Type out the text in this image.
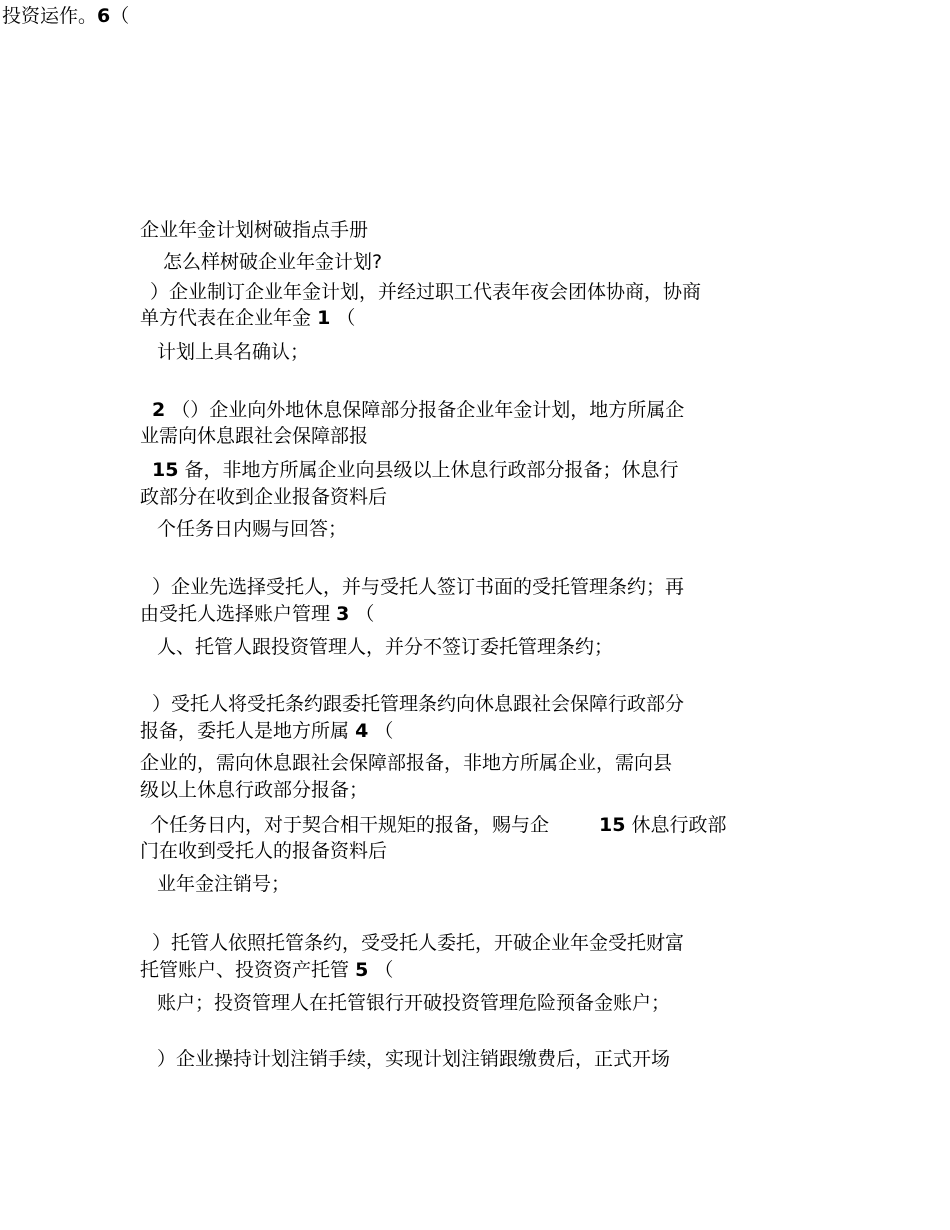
投资运作。6（
企业年金计划树破指点手册
怎么样树破企业年金计划?
）企业制订企业年金计划，并经过职工代表年夜会团体协商，协商
单方代表在企业年金 1 （
计划上具名确认；
2 （）企业向外地休息保障部分报备企业年金计划，地方所属企
业需向休息跟社会保障部报
15 备，非地方所属企业向县级以上休息行政部分报备；休息行
政部分在收到企业报备资料后
个任务日内赐与回答；
）企业先选择受托人，并与受托人签订书面的受托管理条约；再
由受托人选择账户管理 3 （
人、托管人跟投资管理人，并分不签订委托管理条约；
）受托人将受托条约跟委托管理条约向休息跟社会保障行政部分
报备，委托人是地方所属 4 （
企业的，需向休息跟社会保障部报备，非地方所属企业，需向县
级以上休息行政部分报备；
个任务日内，对于契合相干规矩的报备，赐与企	15 休息行政部
门在收到受托人的报备资料后
业年金注销号；
）托管人依照托管条约，受受托人委托，开破企业年金受托财富
托管账户、投资资产托管 5 （
账户；投资管理人在托管银行开破投资管理危险预备金账户；
）企业操持计划注销手续，实现计划注销跟缴费后，正式开场
